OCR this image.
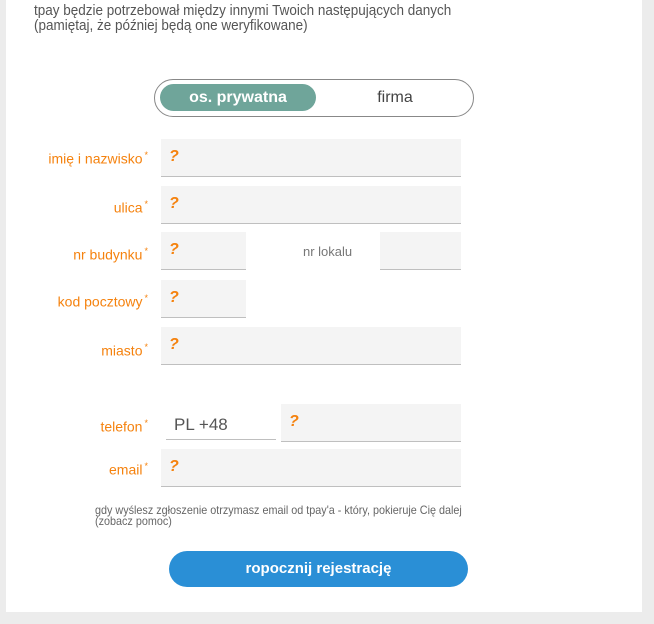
tpay będzie potrzebował między innymi Twoich następujących danych
(pamiętaj, że później będą one weryfikowane)
os. prywatna	firma
imię i nazwisko * ?
ulica * ?
nr budynku * ?	nr lokalu
kod pocztowy * ?
miasto * ?
telefon *	PL +48	?
email * ?
gdy wyślesz zgłoszenie otrzymasz email od tpay'a - który, pokieruje Cię dalej
(zobacz pomoc)
ropocznij rejestrację
